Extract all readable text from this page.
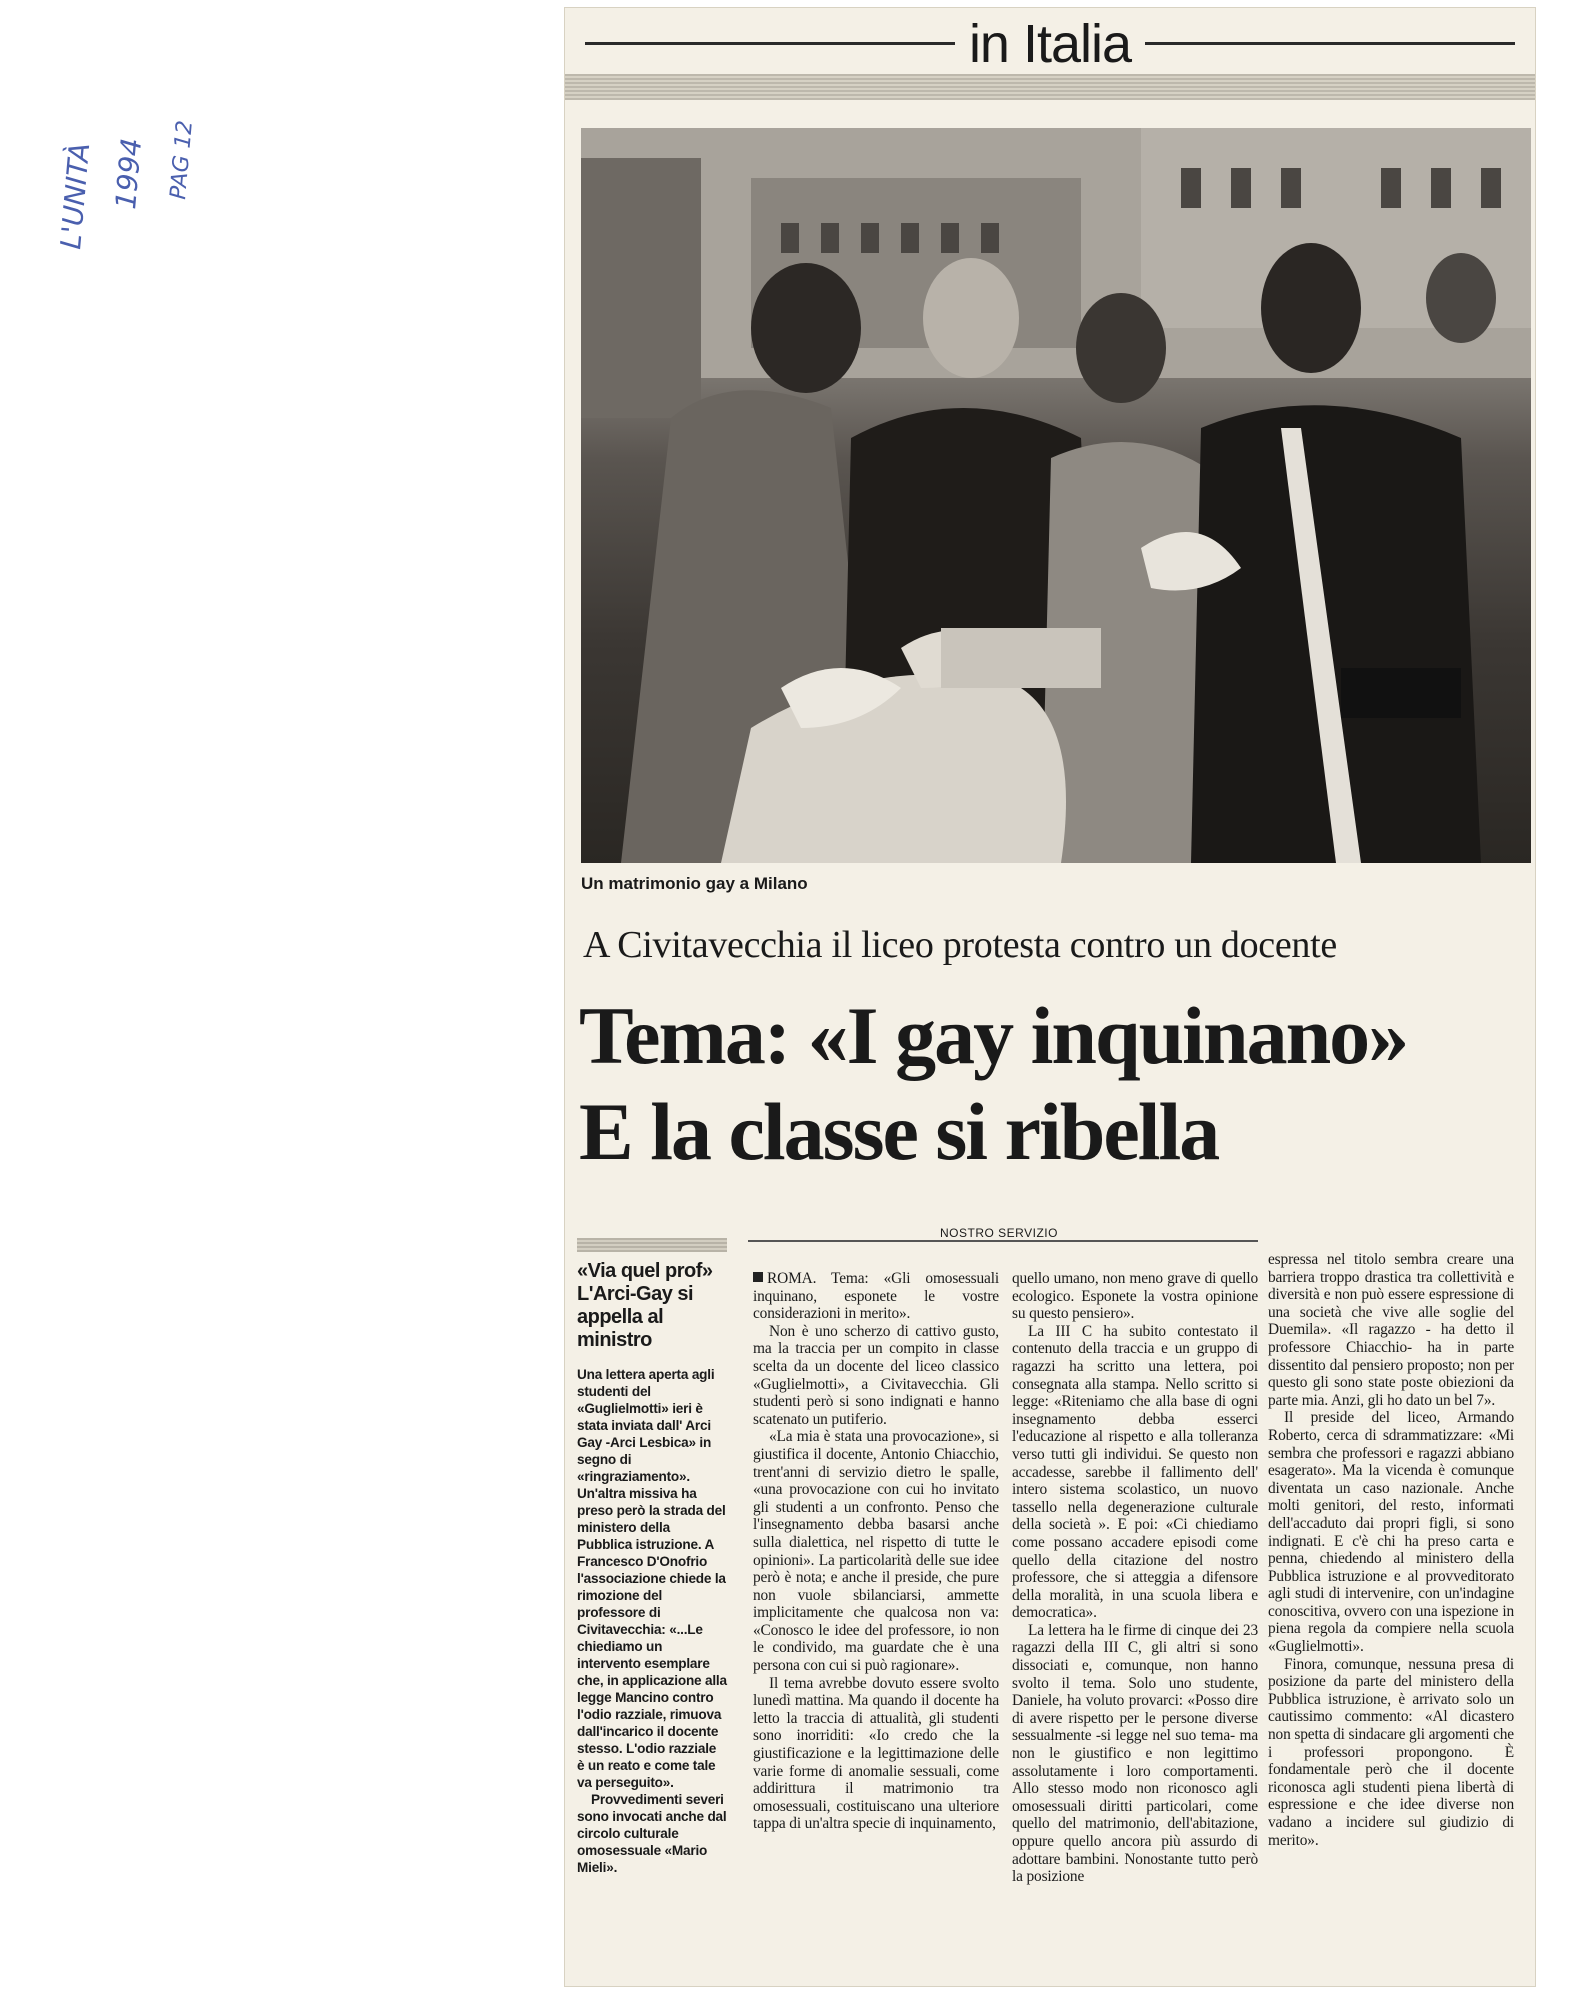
L'UNITÀ 1994 PAG 12
in Italia
Un matrimonio gay a Milano
A Civitavecchia il liceo protesta contro un docente
Tema: «I gay inquinano»
E la classe si ribella
NOSTRO SERVIZIO
«Via quel prof» L'Arci-Gay si appella al ministro
Una lettera aperta agli studenti del «Guglielmotti» ieri è stata inviata dall' Arci Gay -Arci Lesbica» in segno di «ringraziamento». Un'altra missiva ha preso però la strada del ministero della Pubblica istruzione. A Francesco D'Onofrio l'associazione chiede la rimozione del professore di Civitavecchia: «...Le chiediamo un intervento esemplare che, in applicazione alla legge Mancino contro l'odio razziale, rimuova dall'incarico il docente stesso. L'odio razziale è un reato e come tale va perseguito».
Provvedimenti severi sono invocati anche dal circolo culturale omosessuale «Mario Mieli».

ROMA. Tema: «Gli omosessuali inquinano, esponete le vostre considerazioni in merito».

Non è uno scherzo di cattivo gusto, ma la traccia per un compito in classe scelta da un docente del liceo classico «Guglielmotti», a Civitavecchia. Gli studenti però si sono indignati e hanno scatenato un putiferio.

«La mia è stata una provocazione», si giustifica il docente, Antonio Chiacchio, trent'anni di servizio dietro le spalle, «una provocazione con cui ho invitato gli studenti a un confronto. Penso che l'insegnamento debba basarsi anche sulla dialettica, nel rispetto di tutte le opinioni». La particolarità delle sue idee però è nota; e anche il preside, che pure non vuole sbilanciarsi, ammette implicitamente che qualcosa non va: «Conosco le idee del professore, io non le condivido, ma guardate che è una persona con cui si può ragionare».

Il tema avrebbe dovuto essere svolto lunedì mattina. Ma quando il docente ha letto la traccia di attualità, gli studenti sono inorriditi: «Io credo che la giustificazione e la legittimazione delle varie forme di anomalie sessuali, come addirittura il matrimonio tra omosessuali, costituiscano una ulteriore tappa di un'altra specie di inquinamento,

quello umano, non meno grave di quello ecologico. Esponete la vostra opinione su questo pensiero».

La III C ha subito contestato il contenuto della traccia e un gruppo di ragazzi ha scritto una lettera, poi consegnata alla stampa. Nello scritto si legge: «Riteniamo che alla base di ogni insegnamento debba esserci l'educazione al rispetto e alla tolleranza verso tutti gli individui. Se questo non accadesse, sarebbe il fallimento dell' intero sistema scolastico, un nuovo tassello nella degenerazione culturale della società ». E poi: «Ci chiediamo come possano accadere episodi come quello della citazione del nostro professore, che si atteggia a difensore della moralità, in una scuola libera e democratica».

La lettera ha le firme di cinque dei 23 ragazzi della III C, gli altri si sono dissociati e, comunque, non hanno svolto il tema. Solo uno studente, Daniele, ha voluto provarci: «Posso dire di avere rispetto per le persone diverse sessualmente -si legge nel suo tema- ma non le giustifico e non legittimo assolutamente i loro comportamenti. Allo stesso modo non riconosco agli omosessuali diritti particolari, come quello del matrimonio, dell'abitazione, oppure quello ancora più assurdo di adottare bambini. Nonostante tutto però la posizione

espressa nel titolo sembra creare una barriera troppo drastica tra collettività e diversità e non può essere espressione di una società che vive alle soglie del Duemila». «Il ragazzo - ha detto il professore Chiacchio- ha in parte dissentito dal pensiero proposto; non per questo gli sono state poste obiezioni da parte mia. Anzi, gli ho dato un bel 7».

Il preside del liceo, Armando Roberto, cerca di sdrammatizzare: «Mi sembra che professori e ragazzi abbiano esagerato». Ma la vicenda è comunque diventata un caso nazionale. Anche molti genitori, del resto, informati dell'accaduto dai propri figli, si sono indignati. E c'è chi ha preso carta e penna, chiedendo al ministero della Pubblica istruzione e al provveditorato agli studi di intervenire, con un'indagine conoscitiva, ovvero con una ispezione in piena regola da compiere nella scuola «Guglielmotti».

Finora, comunque, nessuna presa di posizione da parte del ministero della Pubblica istruzione, è arrivato solo un cautissimo commento: «Al dicastero non spetta di sindacare gli argomenti che i professori propongono. È fondamentale però che il docente riconosca agli studenti piena libertà di espressione e che idee diverse non vadano a incidere sul giudizio di merito».
